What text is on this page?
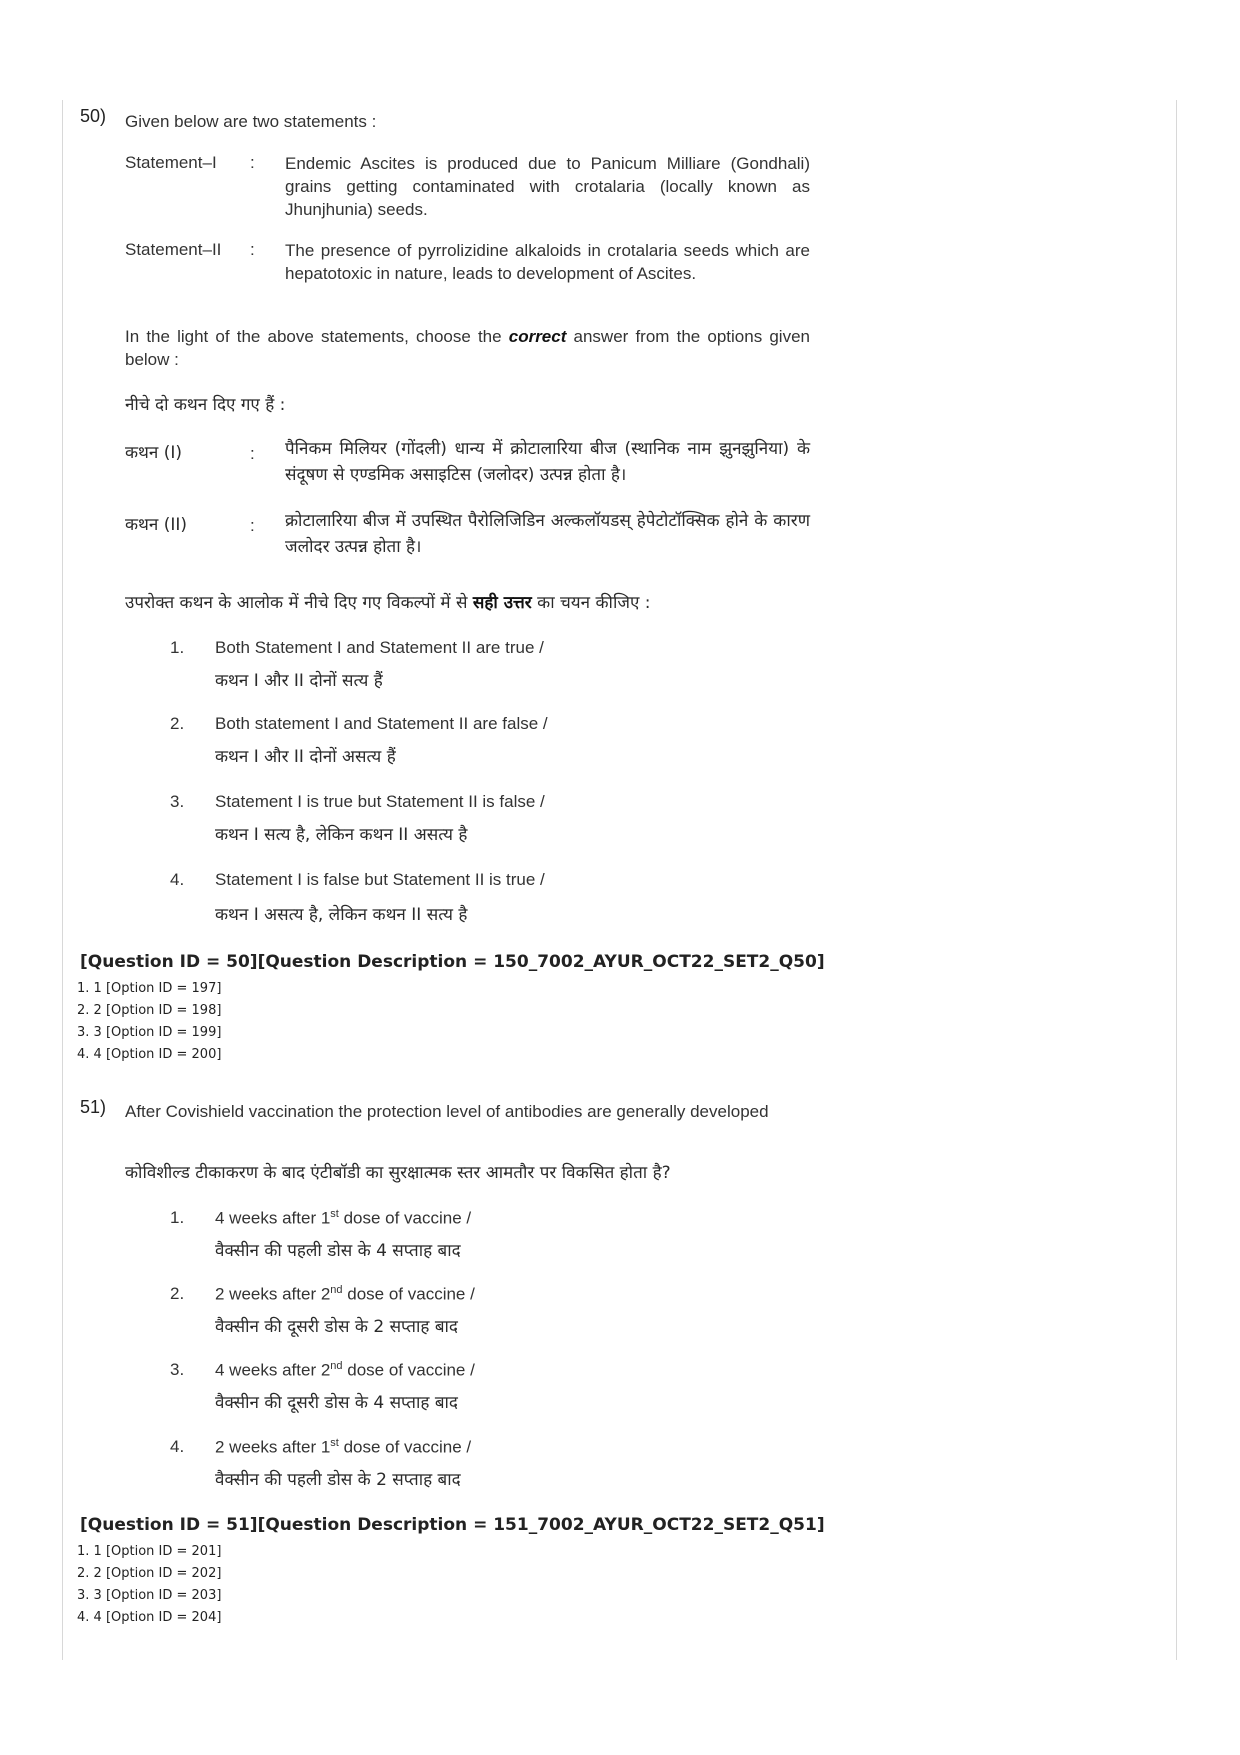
50) Given below are two statements :
Statement–I : Endemic Ascites is produced due to Panicum Milliare (Gondhali) grains getting contaminated with crotalaria (locally known as Jhunjhunia) seeds.
Statement–II : The presence of pyrrolizidine alkaloids in crotalaria seeds which are hepatotoxic in nature, leads to development of Ascites.
In the light of the above statements, choose the correct answer from the options given below :
नीचे दो कथन दिए गए हैं :
कथन (I)	: पैनिकम मिलियर (गोंदली) धान्य में क्रोटालारिया बीज (स्थानिक नाम झुनझुनिया) के संदूषण से एण्डमिक असाइटिस (जलोदर) उत्पन्न होता है।
कथन (II)	: क्रोटालारिया बीज में उपस्थित पैरोलिजिडिन अल्कलॉयडस् हेपेटोटॉक्सिक होने के कारण जलोदर उत्पन्न होता है।
उपरोक्त कथन के आलोक में नीचे दिए गए विकल्पों में से सही उत्तर का चयन कीजिए :
1. Both Statement I and Statement II are true /
कथन I और II दोनों सत्य हैं
2. Both statement I and Statement II are false /
कथन I और II दोनों असत्य हैं
3. Statement I is true but Statement II is false /
कथन I सत्य है, लेकिन कथन II असत्य है
4. Statement I is false but Statement II is true /
कथन I असत्य है, लेकिन कथन II सत्य है
[Question ID = 50][Question Description = 150_7002_AYUR_OCT22_SET2_Q50]
1. 1 [Option ID = 197]
2. 2 [Option ID = 198]
3. 3 [Option ID = 199]
4. 4 [Option ID = 200]
51) After Covishield vaccination the protection level of antibodies are generally developed
कोविशील्ड टीकाकरण के बाद एंटीबॉडी का सुरक्षात्मक स्तर आमतौर पर विकसित होता है?
1. 4 weeks after 1st dose of vaccine /
वैक्सीन की पहली डोस के 4 सप्ताह बाद
2. 2 weeks after 2nd dose of vaccine /
वैक्सीन की दूसरी डोस के 2 सप्ताह बाद
3. 4 weeks after 2nd dose of vaccine /
वैक्सीन की दूसरी डोस के 4 सप्ताह बाद
4. 2 weeks after 1st dose of vaccine /
वैक्सीन की पहली डोस के 2 सप्ताह बाद
[Question ID = 51][Question Description = 151_7002_AYUR_OCT22_SET2_Q51]
1. 1 [Option ID = 201]
2. 2 [Option ID = 202]
3. 3 [Option ID = 203]
4. 4 [Option ID = 204]
